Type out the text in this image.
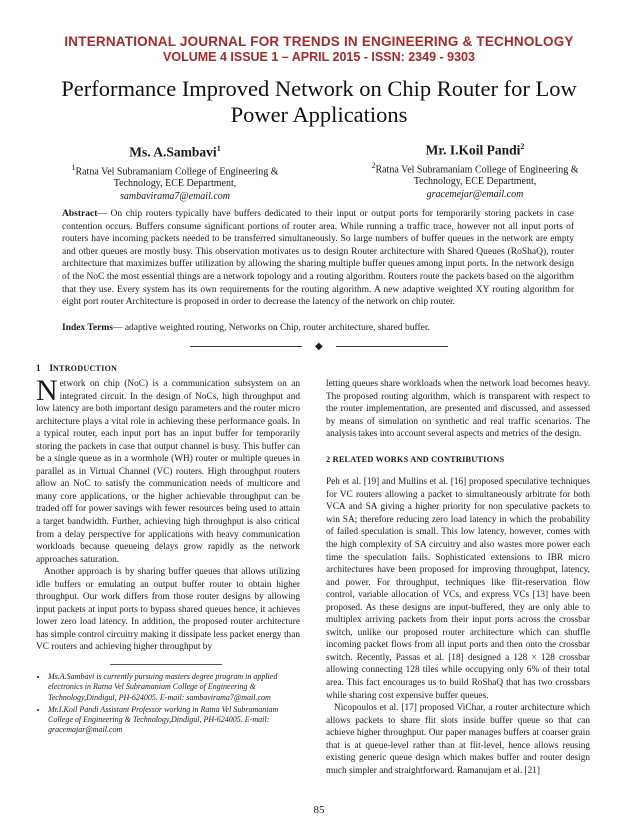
INTERNATIONAL JOURNAL FOR TRENDS IN ENGINEERING & TECHNOLOGY
VOLUME 4 ISSUE 1 – APRIL 2015 - ISSN: 2349 - 9303
Performance Improved Network on Chip Router for Low Power Applications
Ms. A.Sambavi$^1$
$^1$Ratna Vel Subramaniam College of Engineering &
Technology, ECE Department,
sambavirama7@email.com
Mr. I.Koil Pandi$^2$
$^2$Ratna Vel Subramaniam College of Engineering &
Technology, ECE Department,
gracemejar@email.com
Abstract— On chip routers typically have buffers dedicated to their input or output ports for temporarily storing packets in case contention occurs. Buffers consume significant portions of router area. While running a traffic trace, however not all input ports of routers have incoming packets needed to be transferred simultaneously. So large numbers of buffer queues in the network are empty and other queues are mostly busy. This observation motivates us to design Router architecture with Shared Queues (RoShaQ), router architecture that maximizes buffer utilization by allowing the sharing multiple buffer queues among input ports. In the network design of the NoC the most essential things are a network topology and a routing algorithm. Routers route the packets based on the algorithm that they use. Every system has its own requirements for the routing algorithm. A new adaptive weighted XY routing algorithm for eight port router Architecture is proposed in order to decrease the latency of the network on chip router.
Index Terms— adaptive weighted routing, Networks on Chip, router architecture, shared buffer.
◆
1 INTRODUCTION

Network on chip (NoC) is a communication subsystem on an integrated circuit. In the design of NoCs, high throughput and low latency are both important design parameters and the router micro architecture plays a vital role in achieving these performance goals. In a typical router, each input port has an input buffer for temporarily storing the packets in case that output channel is busy. This buffer can be a single queue as in a wormhole (WH) router or multiple queues in parallel as in Virtual Channel (VC) routers. High throughput routers allow an NoC to satisfy the communication needs of multicore and many core applications, or the higher achievable throughput can be traded off for power savings with fewer resources being used to attain a target bandwidth. Further, achieving high throughput is also critical from a delay perspective for applications with heavy communication workloads because queueing delays grow rapidly as the network approaches saturation.

Another approach is by sharing buffer queues that allows utilizing idle buffers or emulating an output buffer router to obtain higher throughput. Our work differs from those router designs by allowing input packets at input ports to bypass shared queues hence, it achieves lower zero load latency. In addition, the proposed router architecture has simple control circuitry making it dissipate less packet energy than VC routers and achieving higher throughput by

letting queues share workloads when the network load becomes heavy. The proposed routing algorithm, which is transparent with respect to the router implementation, are presented and discussed, and assessed by means of simulation on synthetic and real traffic scenarios. The analysis takes into account several aspects and metrics of the design.

2 RELATED WORKS AND CONTRIBUTIONS

Peh et al. [19] and Mullins et al. [16] proposed speculative techniques for VC routers allowing a packet to simultaneously arbitrate for both VCA and SA giving a higher priority for non speculative packets to win SA; therefore reducing zero load latency in which the probability of failed speculation is small. This low latency, however, comes with the high complexity of SA circuitry and also wastes more power each time the speculation fails. Sophisticated extensions to IBR micro architectures have been proposed for improving throughput, latency, and power. For throughput, techniques like flit-reservation flow control, variable allocation of VCs, and express VCs [13] have been proposed. As these designs are input-buffered, they are only able to multiplex arriving packets from their input ports across the crossbar switch, unlike our proposed router architecture which can shuffle incoming packet flows from all input ports and then onto the crossbar switch. Recently, Passas et al. [18] designed a 128 × 128 crossbar allowing connecting 128 tiles while occupying only 6% of their total area. This fact encourages us to build RoShaQ that has two crossbars while sharing cost expensive buffer queues.

Nicopoulos et al. [17] proposed ViChar, a router architecture which allows packets to share flit slots inside buffer queue so that can achieve higher throughput. Our paper manages buffers at coarser grain that is at queue-level rather than at flit-level, hence allows reusing existing generic queue design which makes buffer and router design much simpler and straightforward. Ramanujam et al. [21]

• Ms.A.Sambavi is currently pursuing masters degree program in applied electronics in Ratna Vel Subramaniam College of Engineering & Technology,Dindigul, PH-624005. E-mail: sambavirama7@mail.com
• Mr.I.Koil Pandi Assistant Professor working in Ratna Vel Subramaniam College of Engineering & Technology,Dindigul, PH-624005. E-mail: gracemajar@mail.com
85
